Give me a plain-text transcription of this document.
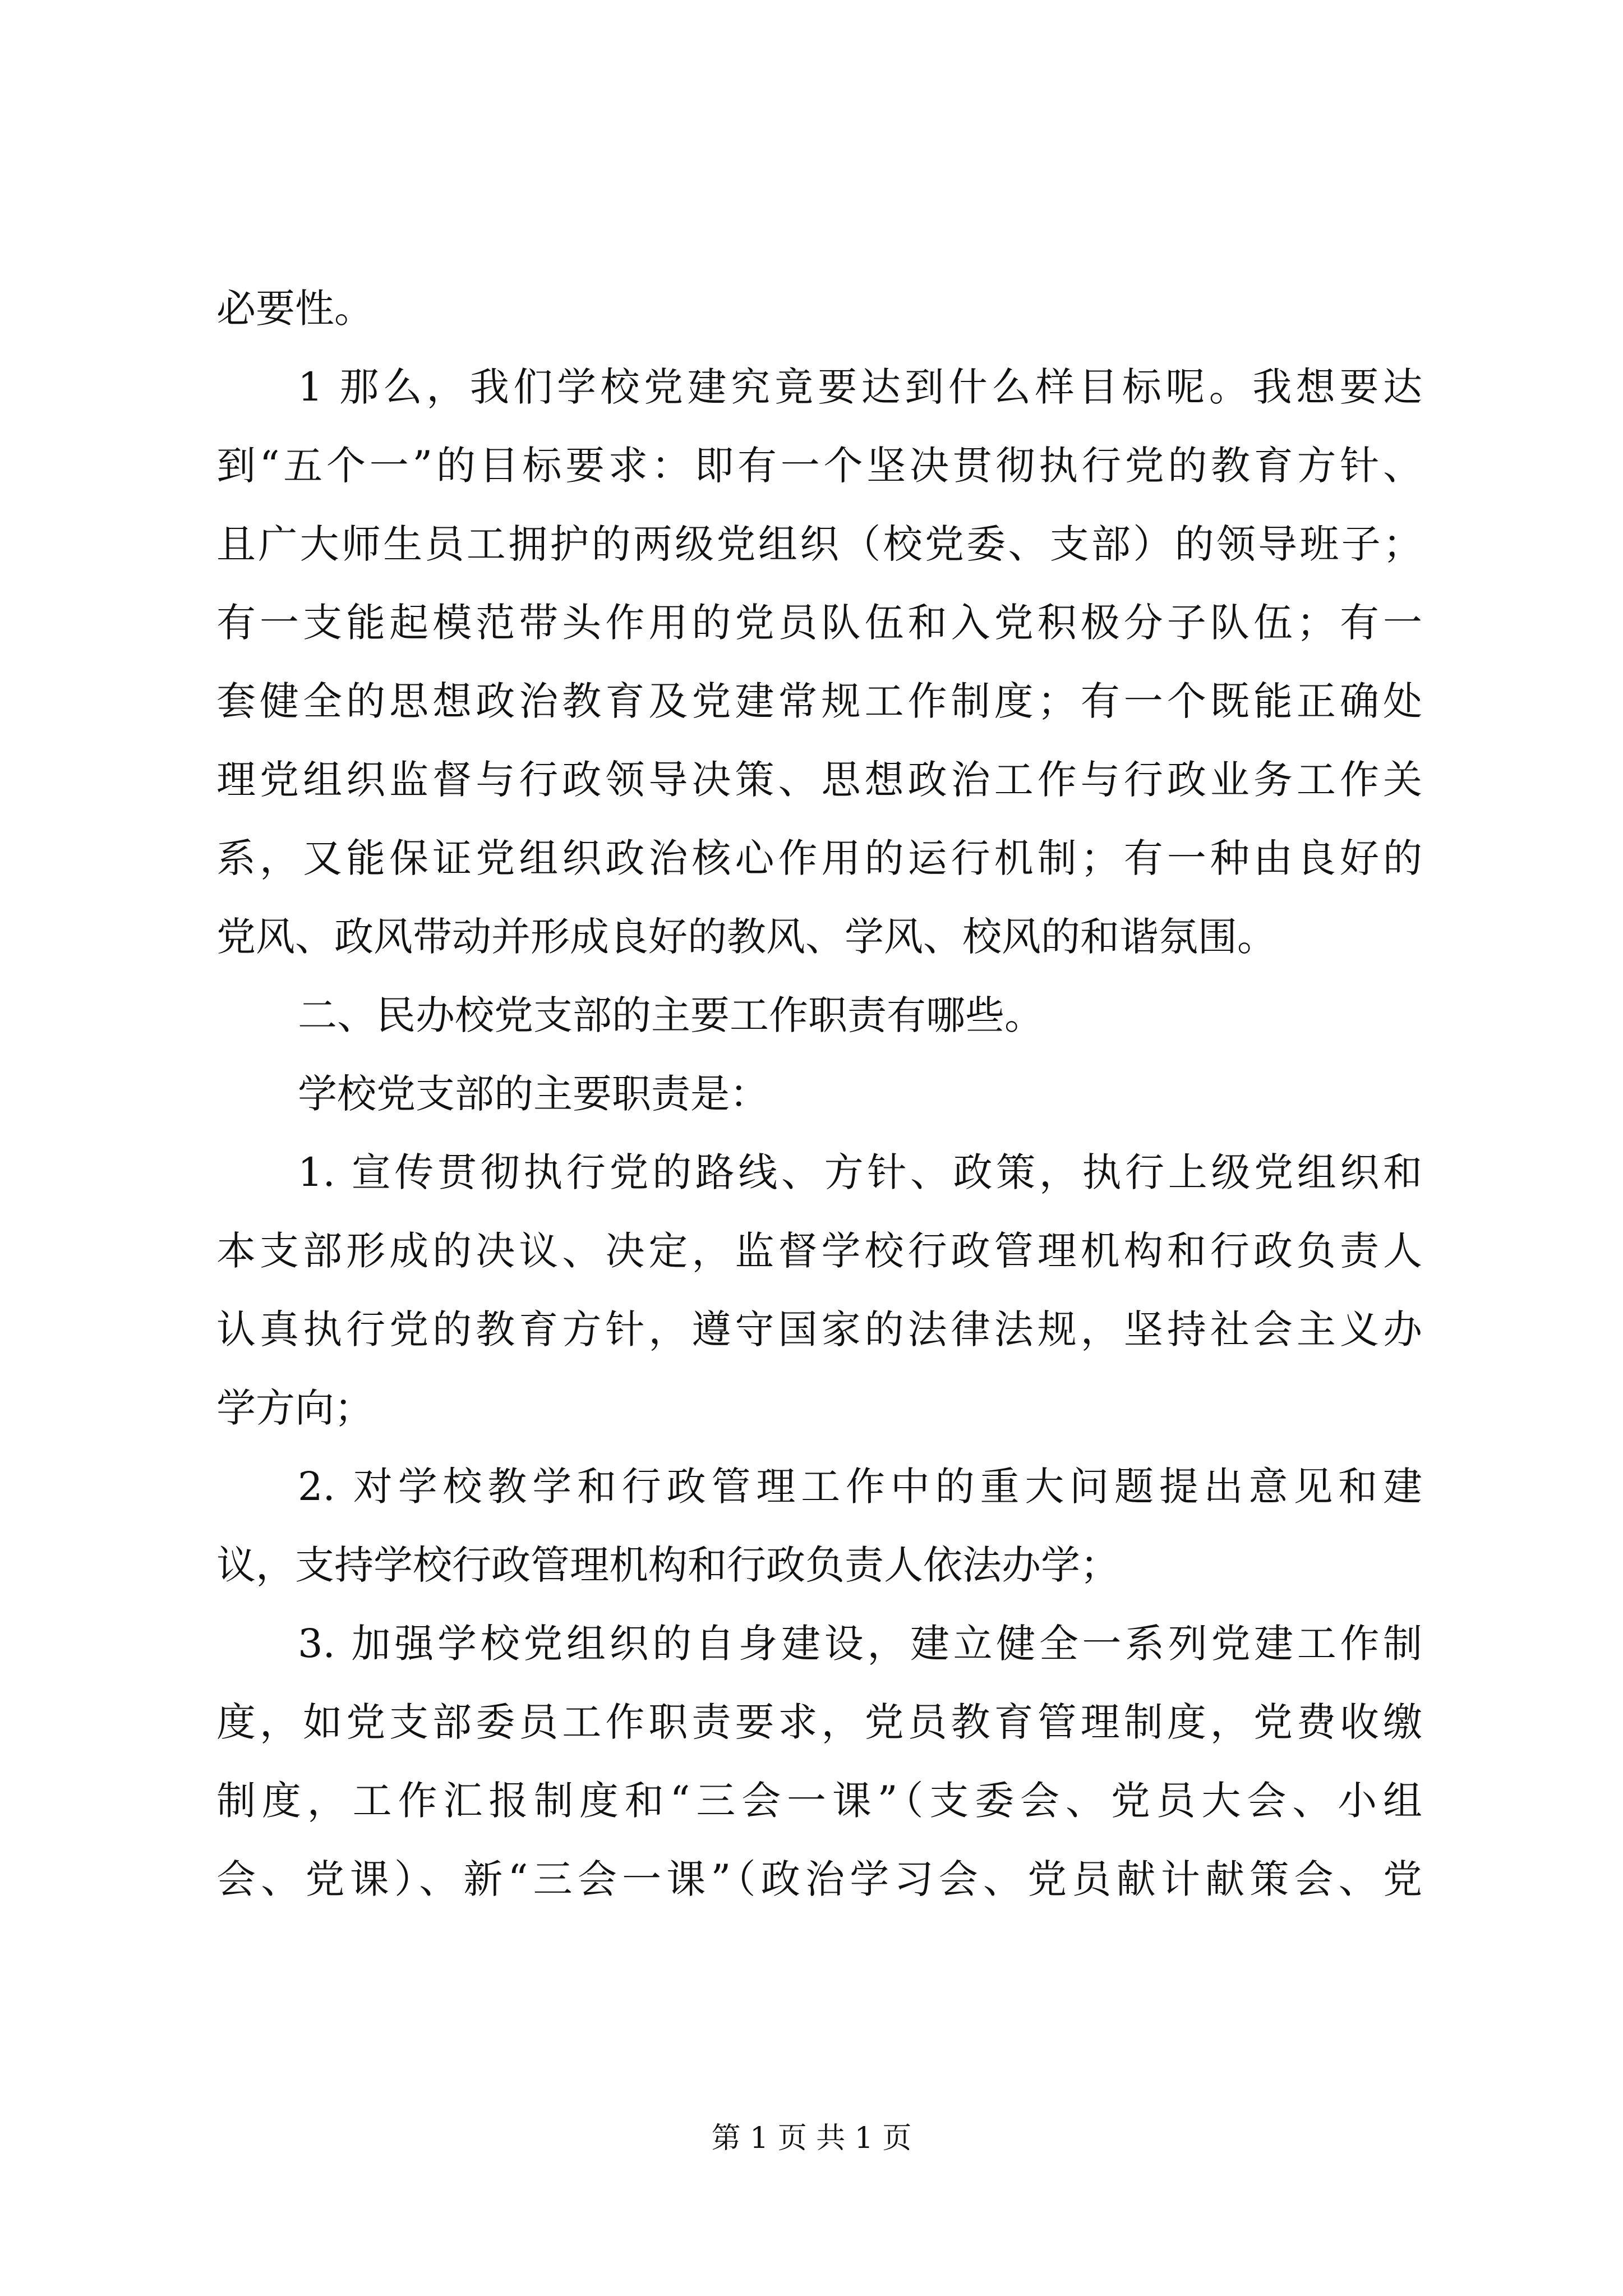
必要性。
1 那么，我们学校党建究竟要达到什么样目标呢。我想要达
到“五个一”的目标要求：即有一个坚决贯彻执行党的教育方针、
且广大师生员工拥护的两级党组织（校党委、支部）的领导班子；
有一支能起模范带头作用的党员队伍和入党积极分子队伍；有一
套健全的思想政治教育及党建常规工作制度；有一个既能正确处
理党组织监督与行政领导决策、思想政治工作与行政业务工作关
系，又能保证党组织政治核心作用的运行机制；有一种由良好的
党风、政风带动并形成良好的教风、学风、校风的和谐氛围。
二、民办校党支部的主要工作职责有哪些。
学校党支部的主要职责是：
1. 宣传贯彻执行党的路线、方针、政策，执行上级党组织和
本支部形成的决议、决定，监督学校行政管理机构和行政负责人
认真执行党的教育方针，遵守国家的法律法规，坚持社会主义办
学方向；
2. 对学校教学和行政管理工作中的重大问题提出意见和建
议，支持学校行政管理机构和行政负责人依法办学；
3. 加强学校党组织的自身建设，建立健全一系列党建工作制
度，如党支部委员工作职责要求，党员教育管理制度，党费收缴
制度，工作汇报制度和“三会一课”（支委会、党员大会、小组
会、党课）、新“三会一课”（政治学习会、党员献计献策会、党
第 1 页 共 1 页
